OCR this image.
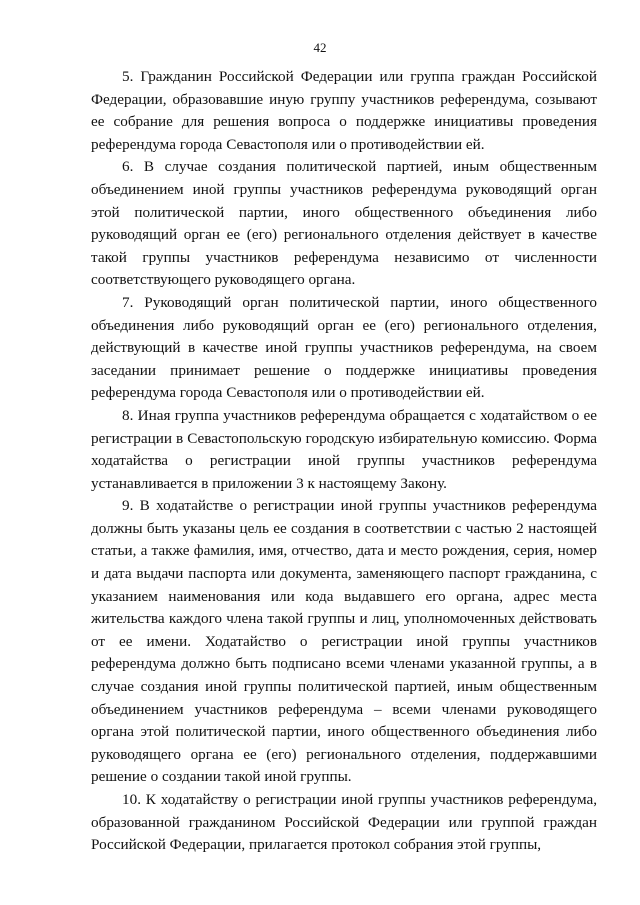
42

5. Гражданин Российской Федерации или группа граждан Российской Федерации, образовавшие иную группу участников референдума, созывают ее собрание для решения вопроса о поддержке инициативы проведения референдума города Севастополя или о противодействии ей.

6. В случае создания политической партией, иным общественным объединением иной группы участников референдума руководящий орган этой политической партии, иного общественного объединения либо руководящий орган ее (его) регионального отделения действует в качестве такой группы участников референдума независимо от численности соответствующего руководящего органа.

7. Руководящий орган политической партии, иного общественного объединения либо руководящий орган ее (его) регионального отделения, действующий в качестве иной группы участников референдума, на своем заседании принимает решение о поддержке инициативы проведения референдума города Севастополя или о противодействии ей.

8. Иная группа участников референдума обращается с ходатайством о ее регистрации в Севастопольскую городскую избирательную комиссию. Форма ходатайства о регистрации иной группы участников референдума устанавливается в приложении 3 к настоящему Закону.

9. В ходатайстве о регистрации иной группы участников референдума должны быть указаны цель ее создания в соответствии с частью 2 настоящей статьи, а также фамилия, имя, отчество, дата и место рождения, серия, номер и дата выдачи паспорта или документа, заменяющего паспорт гражданина, с указанием наименования или кода выдавшего его органа, адрес места жительства каждого члена такой группы и лиц, уполномоченных действовать от ее имени. Ходатайство о регистрации иной группы участников референдума должно быть подписано всеми членами указанной группы, а в случае создания иной группы политической партией, иным общественным объединением участников референдума – всеми членами руководящего органа этой политической партии, иного общественного объединения либо руководящего органа ее (его) регионального отделения, поддержавшими решение о создании такой иной группы.

10. К ходатайству о регистрации иной группы участников референдума, образованной гражданином Российской Федерации или группой граждан Российской Федерации, прилагается протокол собрания этой группы,
